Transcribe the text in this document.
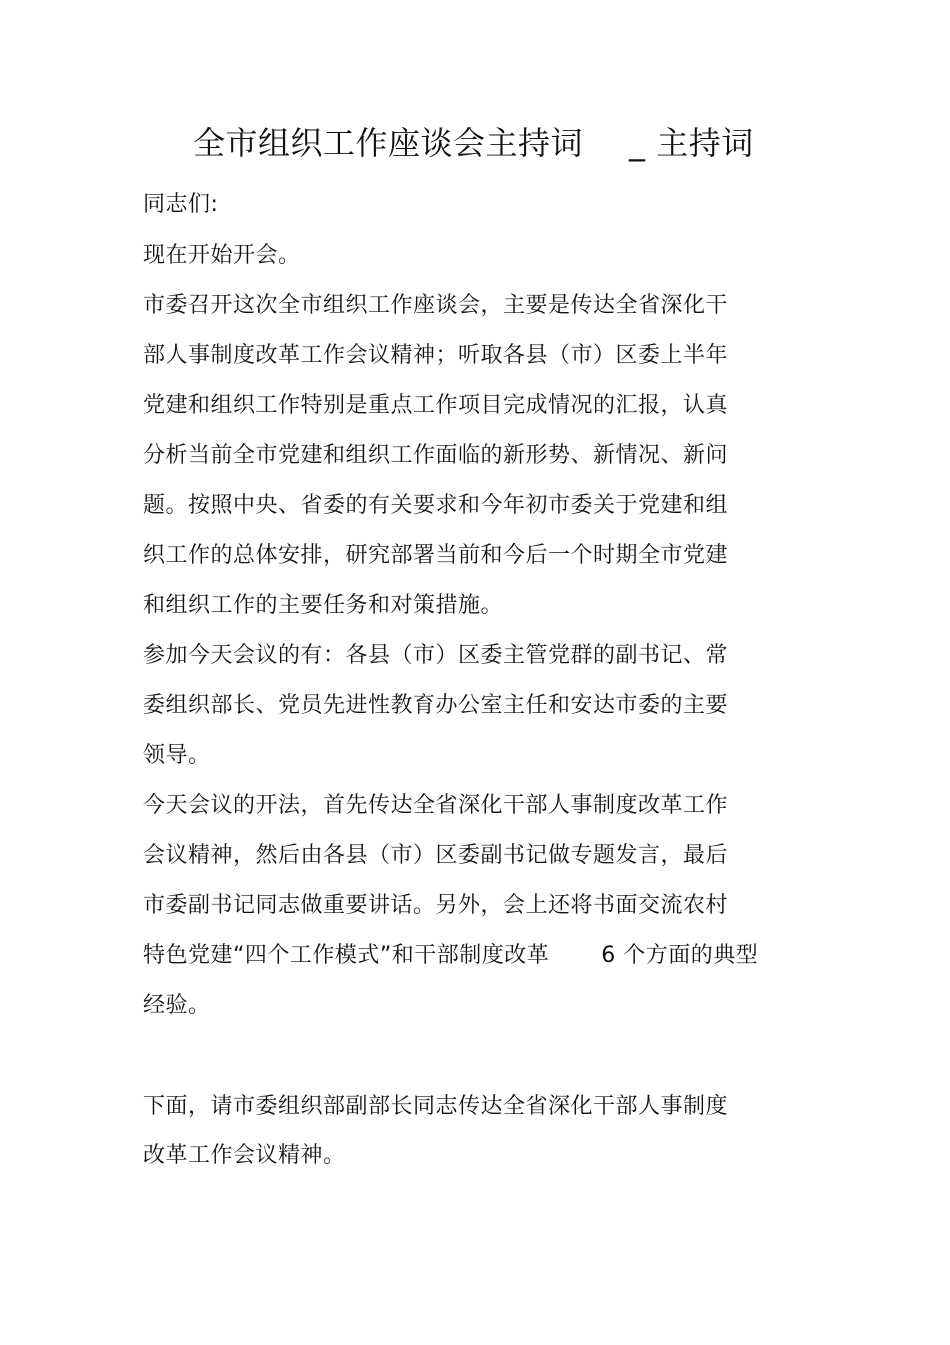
全市组织工作座谈会主持词 _ 主持词
同志们:
现在开始开会。
市委召开这次全市组织工作座谈会，主要是传达全省深化干
部人事制度改革工作会议精神；听取各县（市）区委上半年
党建和组织工作特别是重点工作项目完成情况的汇报，认真
分析当前全市党建和组织工作面临的新形势、新情况、新问
题。按照中央、省委的有关要求和今年初市委关于党建和组
织工作的总体安排，研究部署当前和今后一个时期全市党建
和组织工作的主要任务和对策措施。
参加今天会议的有：各县（市）区委主管党群的副书记、常
委组织部长、党员先进性教育办公室主任和安达市委的主要
领导。
今天会议的开法，首先传达全省深化干部人事制度改革工作
会议精神，然后由各县（市）区委副书记做专题发言，最后
市委副书记同志做重要讲话。另外，会上还将书面交流农村
特色党建“四个工作模式”和干部制度改革 6 个方面的典型
经验。
下面，请市委组织部副部长同志传达全省深化干部人事制度
改革工作会议精神。
